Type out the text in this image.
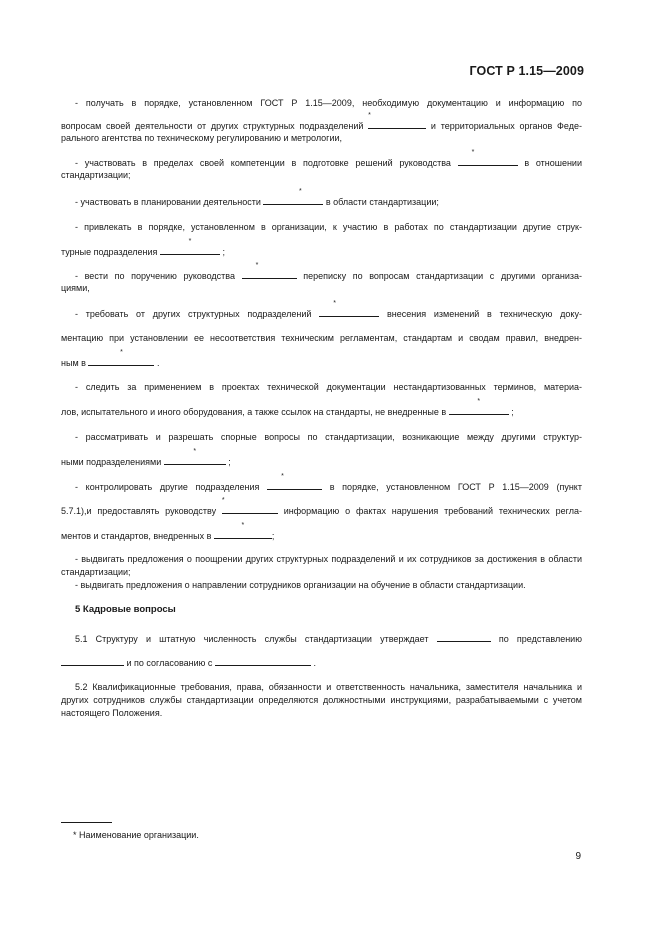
ГОСТ Р 1.15—2009
- получать в порядке, установленном ГОСТ Р 1.15—2009, необходимую документацию и информацию по
вопросам своей деятельности от других структурных подразделений
*
и территориальных органов Феде-
рального агентства по техническому регулированию и метрологии,
- участвовать в пределах своей компетенции в подготовке решений руководства
*
в отношении
стандартизации;
- участвовать в планировании деятельности
*
в области стандартизации;
- привлекать в порядке, установленном в организации, к участию в работах по стандартизации другие струк-
турные подразделения
*
;
- вести по поручению руководства
*
переписку по вопросам стандартизации с другими организа-
циями,
- требовать от других структурных подразделений
*
внесения изменений в техническую доку-
ментацию при установлении ее несоответствия техническим регламентам, стандартам и сводам правил, внедрен-
ным в
*
.
- следить за применением в проектах технической документации нестандартизованных терминов, материа-
лов, испытательного и иного оборудования, а также ссылок на стандарты, не внедренные в
*
;
- рассматривать и разрешать спорные вопросы по стандартизации, возникающие между другими структур-
ными подразделениями
*
;
- контролировать другие подразделения
*
в порядке, установленном ГОСТ Р 1.15—2009 (пункт
5.7.1),и предоставлять руководству
*
информацию о фактах нарушения требований технических регла-
ментов и стандартов, внедренных в
*
;
- выдвигать предложения о поощрении других структурных подразделений и их сотрудников за достижения в области стандартизации;
- выдвигать предложения о направлении сотрудников организации на обучение в области стандартизации.
5 Кадровые вопросы
5.1 Структуру и штатную численность службы стандартизации утверждает	по представлению
и по согласованию с	.
5.2 Квалификационные требования, права, обязанности и ответственность начальника, заместителя начальника и других сотрудников службы стандартизации определяются должностными инструкциями, разрабатываемыми с учетом настоящего Положения.
* Наименование организации.
9
